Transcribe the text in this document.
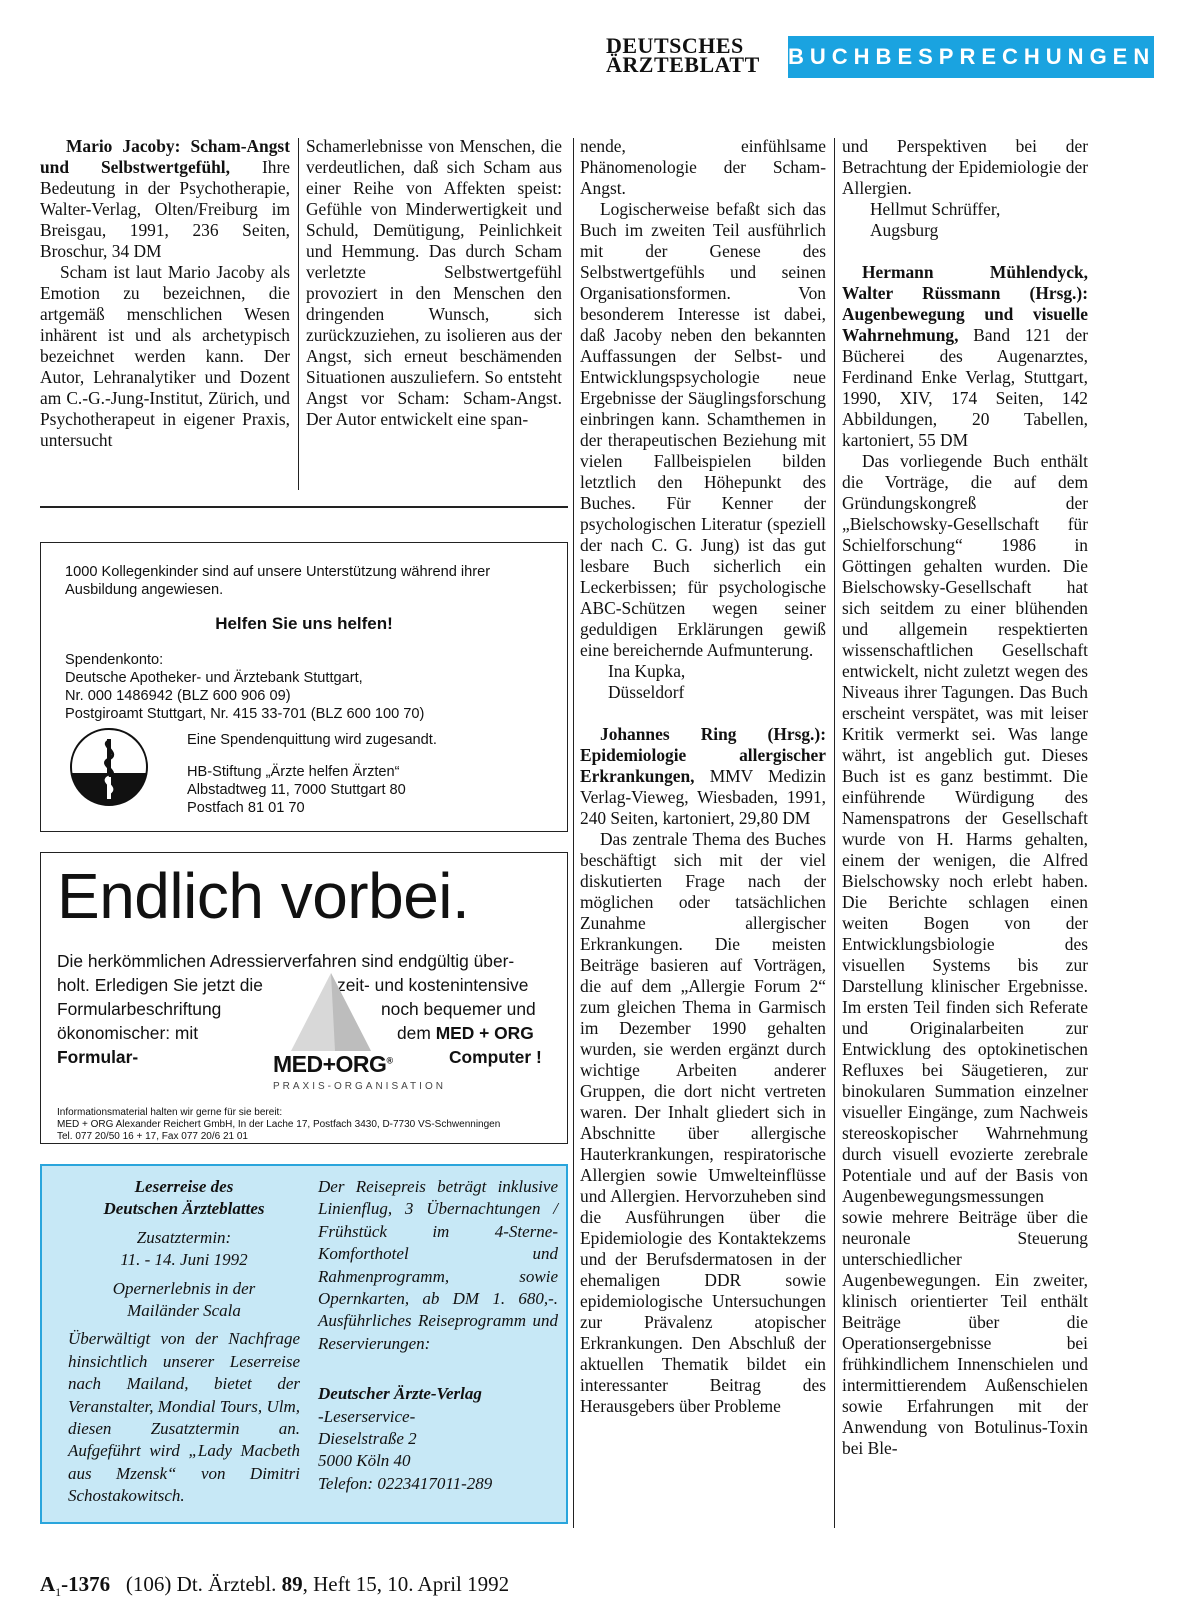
DEUTSCHES
ÄRZTEBLATT BUCHBESPRECHUNGEN

Mario Jacoby: Scham-Angst und Selbstwertgefühl, Ihre Bedeutung in der Psychotherapie, Walter-Verlag, Olten/Freiburg im Breisgau, 1991, 236 Seiten, Broschur, 34 DM

Scham ist laut Mario Jacoby als Emotion zu bezeichnen, die artgemäß menschlichen Wesen inhärent ist und als archetypisch bezeichnet werden kann. Der Autor, Lehranalytiker und Dozent am C.-G.-Jung-Institut, Zürich, und Psychotherapeut in eigener Praxis, untersucht

Schamerlebnisse von Menschen, die verdeutlichen, daß sich Scham aus einer Reihe von Affekten speist: Gefühle von Minderwertigkeit und Schuld, Demütigung, Peinlichkeit und Hemmung. Das durch Scham verletzte Selbstwertgefühl provoziert in den Menschen den dringenden Wunsch, sich zurückzuziehen, zu isolieren aus der Angst, sich erneut beschämenden Situationen auszuliefern. So entsteht Angst vor Scham: Scham-Angst. Der Autor entwickelt eine span-

1000 Kollegenkinder sind auf unsere Unterstützung während ihrer Ausbildung angewiesen.
Helfen Sie uns helfen!
Spendenkonto:
Deutsche Apotheker- und Ärztebank Stuttgart,
Nr. 000 1486942 (BLZ 600 906 09)
Postgiroamt Stuttgart, Nr. 415 33-701 (BLZ 600 100 70)
Eine Spendenquittung wird zugesandt.
HB-Stiftung „Ärzte helfen Ärzten“
Albstadtweg 11, 7000 Stuttgart 80
Postfach 81 01 70
Endlich vorbei.
Die herkömmlichen Adressierverfahren sind endgültig über-
holt. Erledigen Sie jetzt die	zeit- und kostenintensive
Formularbeschriftung	noch bequemer und
ökonomischer: mit	dem MED + ORG
Formular-	Computer !
MED+ORG®
PRAXIS-ORGANISATION
Informationsmaterial halten wir gerne für sie bereit:
MED + ORG Alexander Reichert GmbH, In der Lache 17, Postfach 3430, D-7730 VS-Schwenningen
Tel. 077 20/50 16 + 17, Fax 077 20/6 21 01

Leserreise des

Deutschen Ärzteblattes

Zusatztermin:

11. - 14. Juni 1992

Opernerlebnis in der

Mailänder Scala

Überwältigt von der Nachfrage hinsichtlich unserer Leserreise nach Mailand, bietet der Veranstalter, Mondial Tours, Ulm, diesen Zusatztermin an. Aufgeführt wird „Lady Macbeth aus Mzensk“ von Dimitri Schostakowitsch.

Der Reisepreis beträgt inklusive Linienflug, 3 Übernachtungen / Frühstück im 4-Sterne-Komforthotel und Rahmenprogramm, sowie Opernkarten, ab DM 1. 680,-. Ausführliches Reiseprogramm und Reservierungen:

Deutscher Ärzte-Verlag

-Leserservice-

Dieselstraße 2

5000 Köln 40

Telefon: 0223417011-289

nende, einfühlsame Phänomenologie der Scham-Angst.

Logischerweise befaßt sich das Buch im zweiten Teil ausführlich mit der Genese des Selbstwertgefühls und seinen Organisationsformen. Von besonderem Interesse ist dabei, daß Jacoby neben den bekannten Auffassungen der Selbst- und Entwicklungspsychologie neue Ergebnisse der Säuglingsforschung einbringen kann. Schamthemen in der therapeutischen Beziehung mit vielen Fallbeispielen bilden letztlich den Höhepunkt des Buches. Für Kenner der psychologischen Literatur (speziell der nach C. G. Jung) ist das gut lesbare Buch sicherlich ein Leckerbissen; für psychologische ABC-Schützen wegen seiner geduldigen Erklärungen gewiß eine bereichernde Aufmunterung.

Ina Kupka,

Düsseldorf

Johannes Ring (Hrsg.): Epidemiologie allergischer Erkrankungen, MMV Medizin Verlag-Vieweg, Wiesbaden, 1991, 240 Seiten, kartoniert, 29,80 DM

Das zentrale Thema des Buches beschäftigt sich mit der viel diskutierten Frage nach der möglichen oder tatsächlichen Zunahme allergischer Erkrankungen. Die meisten Beiträge basieren auf Vorträgen, die auf dem „Allergie Forum 2“ zum gleichen Thema in Garmisch im Dezember 1990 gehalten wurden, sie werden ergänzt durch wichtige Arbeiten anderer Gruppen, die dort nicht vertreten waren. Der Inhalt gliedert sich in Abschnitte über allergische Hauterkrankungen, respiratorische Allergien sowie Umwelteinflüsse und Allergien. Hervorzuheben sind die Ausführungen über die Epidemiologie des Kontaktekzems und der Berufsdermatosen in der ehemaligen DDR sowie epidemiologische Untersuchungen zur Prävalenz atopischer Erkrankungen. Den Abschluß der aktuellen Thematik bildet ein interessanter Beitrag des Herausgebers über Probleme

und Perspektiven bei der Betrachtung der Epidemiologie der Allergien.

Hellmut Schrüffer,

Augsburg

Hermann Mühlendyck, Walter Rüssmann (Hrsg.): Augenbewegung und visuelle Wahrnehmung, Band 121 der Bücherei des Augenarztes, Ferdinand Enke Verlag, Stuttgart, 1990, XIV, 174 Seiten, 142 Abbildungen, 20 Tabellen, kartoniert, 55 DM

Das vorliegende Buch enthält die Vorträge, die auf dem Gründungskongreß der „Bielschowsky-Gesellschaft für Schielforschung“ 1986 in Göttingen gehalten wurden. Die Bielschowsky-Gesellschaft hat sich seitdem zu einer blühenden und allgemein respektierten wissenschaftlichen Gesellschaft entwickelt, nicht zuletzt wegen des Niveaus ihrer Tagungen. Das Buch erscheint verspätet, was mit leiser Kritik vermerkt sei. Was lange währt, ist angeblich gut. Dieses Buch ist es ganz bestimmt. Die einführende Würdigung des Namenspatrons der Gesellschaft wurde von H. Harms gehalten, einem der wenigen, die Alfred Bielschowsky noch erlebt haben. Die Berichte schlagen einen weiten Bogen von der Entwicklungsbiologie des visuellen Systems bis zur Darstellung klinischer Ergebnisse. Im ersten Teil finden sich Referate und Originalarbeiten zur Entwicklung des optokinetischen Refluxes bei Säugetieren, zur binokularen Summation einzelner visueller Eingänge, zum Nachweis stereoskopischer Wahrnehmung durch visuell evozierte zerebrale Potentiale und auf der Basis von Augenbewegungsmessungen sowie mehrere Beiträge über die neuronale Steuerung unterschiedlicher Augenbewegungen. Ein zweiter, klinisch orientierter Teil enthält Beiträge über die Operationsergebnisse bei frühkindlichem Innenschielen und intermittierendem Außenschielen sowie Erfahrungen mit der Anwendung von Botulinus-Toxin bei Ble-

$A_1-1376$ (106) Dt. Ärztebl. 89, Heft 15, 10. April 1992
